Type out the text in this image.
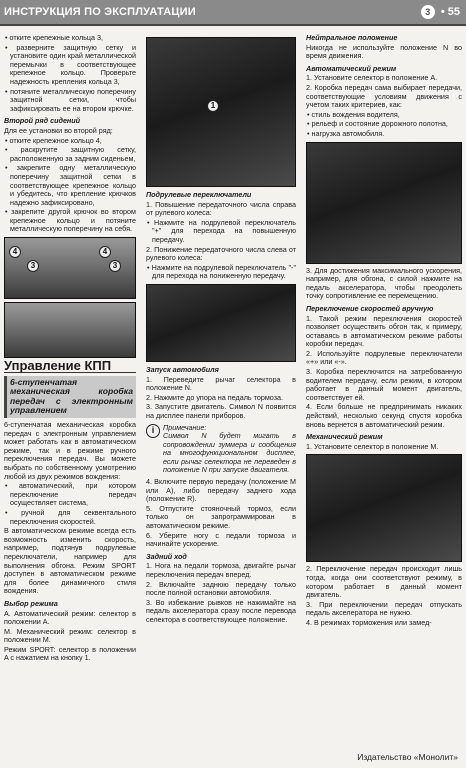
ИНСТРУКЦИЯ ПО ЭКСПЛУАТАЦИИ	3 • 55

• отките крепежные кольца 3,

• разверните защитную сетку и установите один край металлической перемычки в соответствующее крепежное кольцо. Проверьте надежность крепления кольца 3,

• потяните металлическую поперечину защитной сетки, чтобы зафиксировать ее на втором крючке.

Второй ряд сидений

Для ее установки во второй ряд:

• отките крепежное кольцо 4,

• раскрутите защитную сетку, расположенную за задним сиденьем,

• закрепите одну металлическую поперечину защитной сетки в соответствующее крепежное кольцо и убедитесь, что крепление крючков надежно зафиксировано,

• закрепите другой крючок во втором крепежное кольцо и потяните металлическую поперечину на себя.

4
3
4
3
Управление КПП
6-ступенчатая механическая коробка передач с электронным управлением

6-ступенчатая механическая коробка передач с электронным управлением может работать как в автоматическом режиме, так и в режиме ручного переключения передач. Вы можете выбрать по собственному усмотрению любой из двух режимов вождения:

• автоматический, при котором переключение передач осуществляет система,

• ручной для секвентального переключения скоростей.

В автоматическом режиме всегда есть возможность изменить скорость, например, подтянув подрулевые переключатели, например для выполнения обгона. Режим SPORT доступен в автоматическом режиме для более динамичного стиля вождения.

Выбор режима

A. Автоматический режим: селектор в положении A.

M. Механический режим: селектор в положении M.

Режим SPORT: селектор в положении A с нажатием на кнопку 1.

1

Подрулевые переключатели

1. Повышение передаточного числа справа от рулевого колеса:

• Нажмите на подрулевой переключатель "+" для перехода на повышенную передачу.

2. Понижение передаточного числа слева от рулевого колеса:

• Нажмите на подрулевой переключатель "-" для перехода на пониженную передачу.

Запуск автомобиля

1. Переведите рычаг селектора в положение N.

2. Нажмите до упора на педаль тормоза.

3. Запустите двигатель. Символ N появится на дисплее панели приборов.

i	Примечание:
Символ N будет мигать в сопровождении зуммера и сообщения на многофункциональном дисплее, если рычаг селектора не переведен в положение N при запуске двигателя.

4. Включите первую передачу (положение M или A), либо передачу заднего хода (положение R).

5. Отпустите стояночный тормоз, если только он запрограммирован в автоматическом режиме.

6. Уберите ногу с педали тормоза и начинайте ускорение.

Задний ход

1. Нога на педали тормоза, двигайте рычаг переключения передач вперед.

2. Включайте заднюю передачу только после полной остановки автомобиля.

3. Во избежание рывков не нажимайте на педаль акселератора сразу после перевода селектора в соответствующее положение.

Нейтральное положение

Никогда не используйте положение N во время движения.

Автоматический режим

1. Установите селектор в положение A.

2. Коробка передач сама выбирает передачи, соответствующие условиям движения с учетом таких критериев, как:

• стиль вождения водителя,

• рельеф и состояние дорожного полотна,

• нагрузка автомобиля.

3. Для достижения максимального ускорения, например, для обгона, с силой нажмите на педаль акселератора, чтобы преодолеть точку сопротивление ее перемещению.

Переключение скоростей вручную

1. Такой режим переключения скоростей позволяет осуществить обгон так, к примеру, оставаясь в автоматическом режиме работы коробки передач.

2. Используйте подрулевые переключатели «+» или «-».

3. Коробка переключится на затребованную водителем передачу, если режим, в котором работает в данный момент двигатель, соответствует ей.

4. Если больше не предпринимать никаких действий, несколько секунд спустя коробка вновь вернется в автоматический режим.

Механический режим

1. Установите селектор в положение M.

2. Переключение передач происходит лишь тогда, когда они соответствуют режиму, в котором работает в данный момент двигатель.

3. При переключении передач отпускать педаль акселератора не нужно.

4. В режимах торможения или замед-

Издательство «Монолит»
